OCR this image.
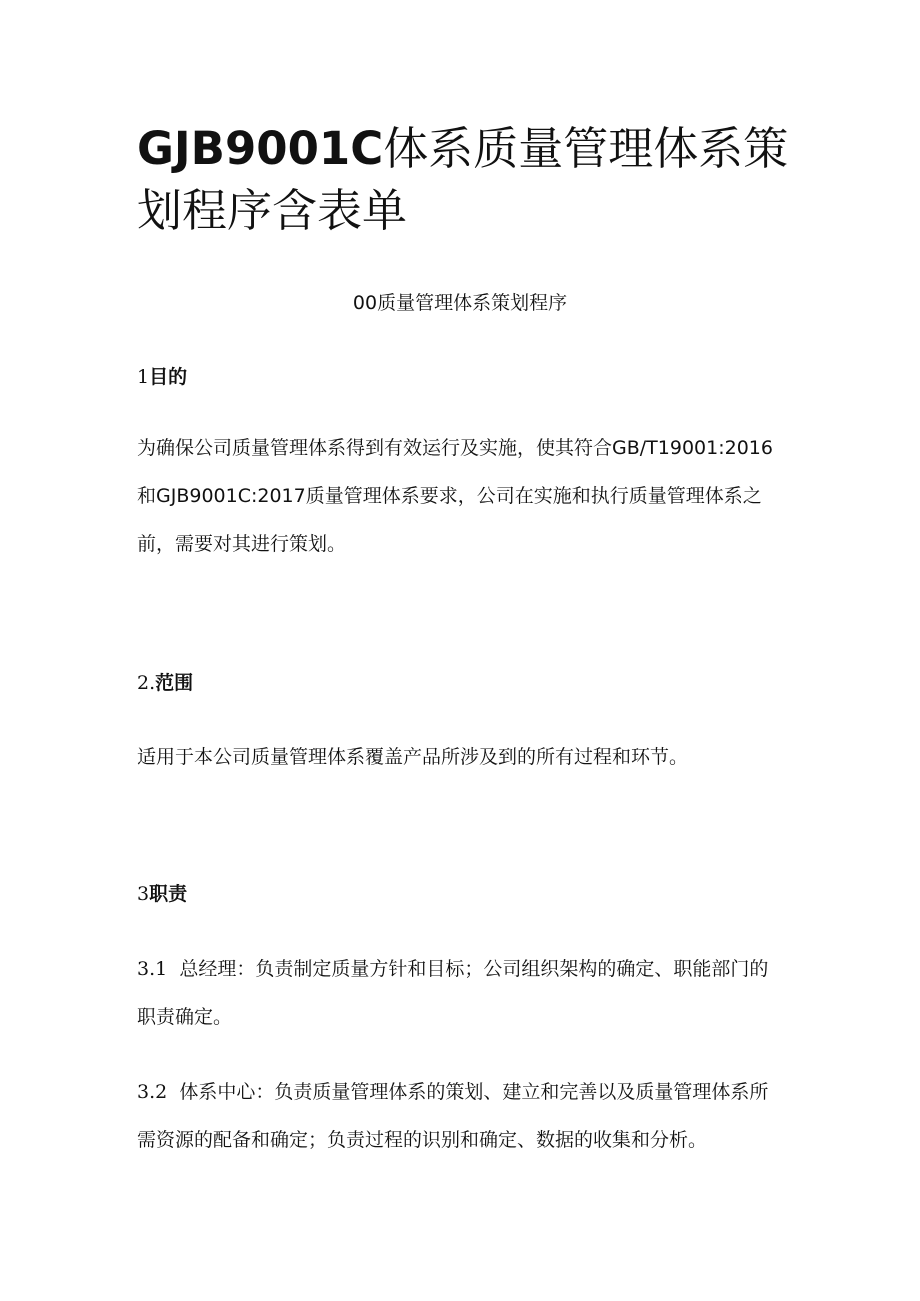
GJB9001C体系质量管理体系策划程序含表单
00质量管理体系策划程序
1目的

为确保公司质量管理体系得到有效运行及实施，使其符合GB/T19001:2016和GJB9001C:2017质量管理体系要求，公司在实施和执行质量管理体系之前，需要对其进行策划。

2.范围

适用于本公司质量管理体系覆盖产品所涉及到的所有过程和环节。

3职责

3.1 总经理：负责制定质量方针和目标；公司组织架构的确定、职能部门的职责确定。

3.2 体系中心：负责质量管理体系的策划、建立和完善以及质量管理体系所需资源的配备和确定；负责过程的识别和确定、数据的收集和分析。
